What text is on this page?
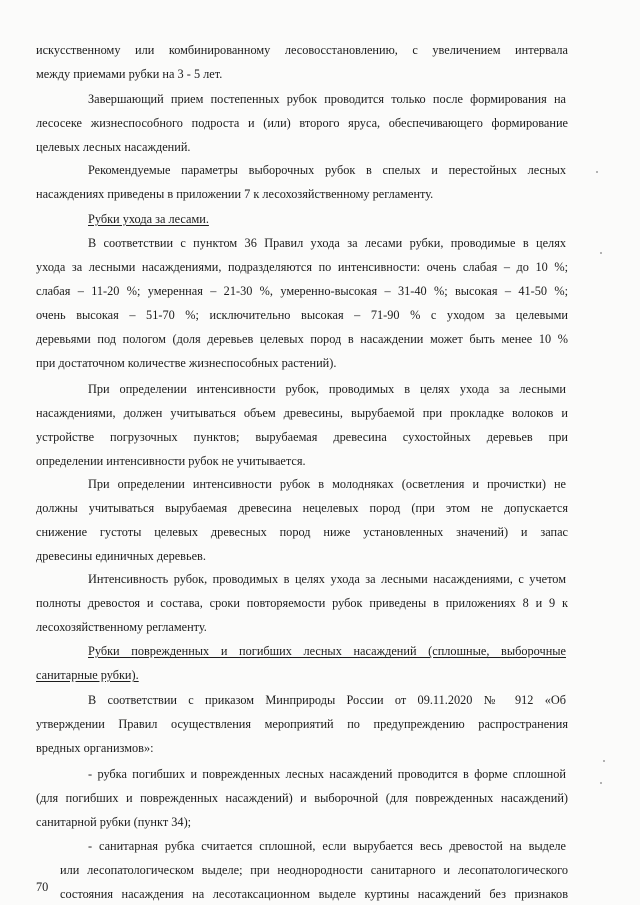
искусственному или комбинированному лесовосстановлению, с увеличением интервала
между приемами рубки на 3 - 5 лет.
Завершающий прием постепенных рубок проводится только после формирования на
лесосеке жизнеспособного подроста и (или) второго яруса, обеспечивающего формирование
целевых лесных насаждений.
Рекомендуемые параметры выборочных рубок в спелых и перестойных лесных
насаждениях приведены в приложении 7 к лесохозяйственному регламенту.
Рубки ухода за лесами.
В соответствии с пунктом 36 Правил ухода за лесами рубки, проводимые в целях
ухода за лесными насаждениями, подразделяются по интенсивности: очень слабая – до 10 %;
слабая – 11-20 %; умеренная – 21-30 %, умеренно-высокая – 31-40 %; высокая – 41-50 %;
очень высокая – 51-70 %; исключительно высокая – 71-90 % с уходом за целевыми
деревьями под пологом (доля деревьев целевых пород в насаждении может быть менее 10 %
при достаточном количестве жизнеспособных растений).
При определении интенсивности рубок, проводимых в целях ухода за лесными
насаждениями, должен учитываться объем древесины, вырубаемой при прокладке волоков и
устройстве погрузочных пунктов; вырубаемая древесина сухостойных деревьев при
определении интенсивности рубок не учитывается.
При определении интенсивности рубок в молодняках (осветления и прочистки) не
должны учитываться вырубаемая древесина нецелевых пород (при этом не допускается
снижение густоты целевых древесных пород ниже установленных значений) и запас
древесины единичных деревьев.
Интенсивность рубок, проводимых в целях ухода за лесными насаждениями, с учетом
полноты древостоя и состава, сроки повторяемости рубок приведены в приложениях 8 и 9 к
лесохозяйственному регламенту.
Рубки поврежденных и погибших лесных насаждений (сплошные, выборочные
санитарные рубки).
В соответствии с приказом Минприроды России от 09.11.2020 № 912 «Об
утверждении Правил осуществления мероприятий по предупреждению распространения
вредных организмов»:
- рубка погибших и поврежденных лесных насаждений проводится в форме сплошной
(для погибших и поврежденных насаждений) и выборочной (для поврежденных насаждений)
санитарной рубки (пункт 34);
- санитарная рубка считается сплошной, если вырубается весь древостой на выделе
или лесопатологическом выделе; при неоднородности санитарного и лесопатологического
состояния насаждения на лесотаксационном выделе куртины насаждений без признаков
70
